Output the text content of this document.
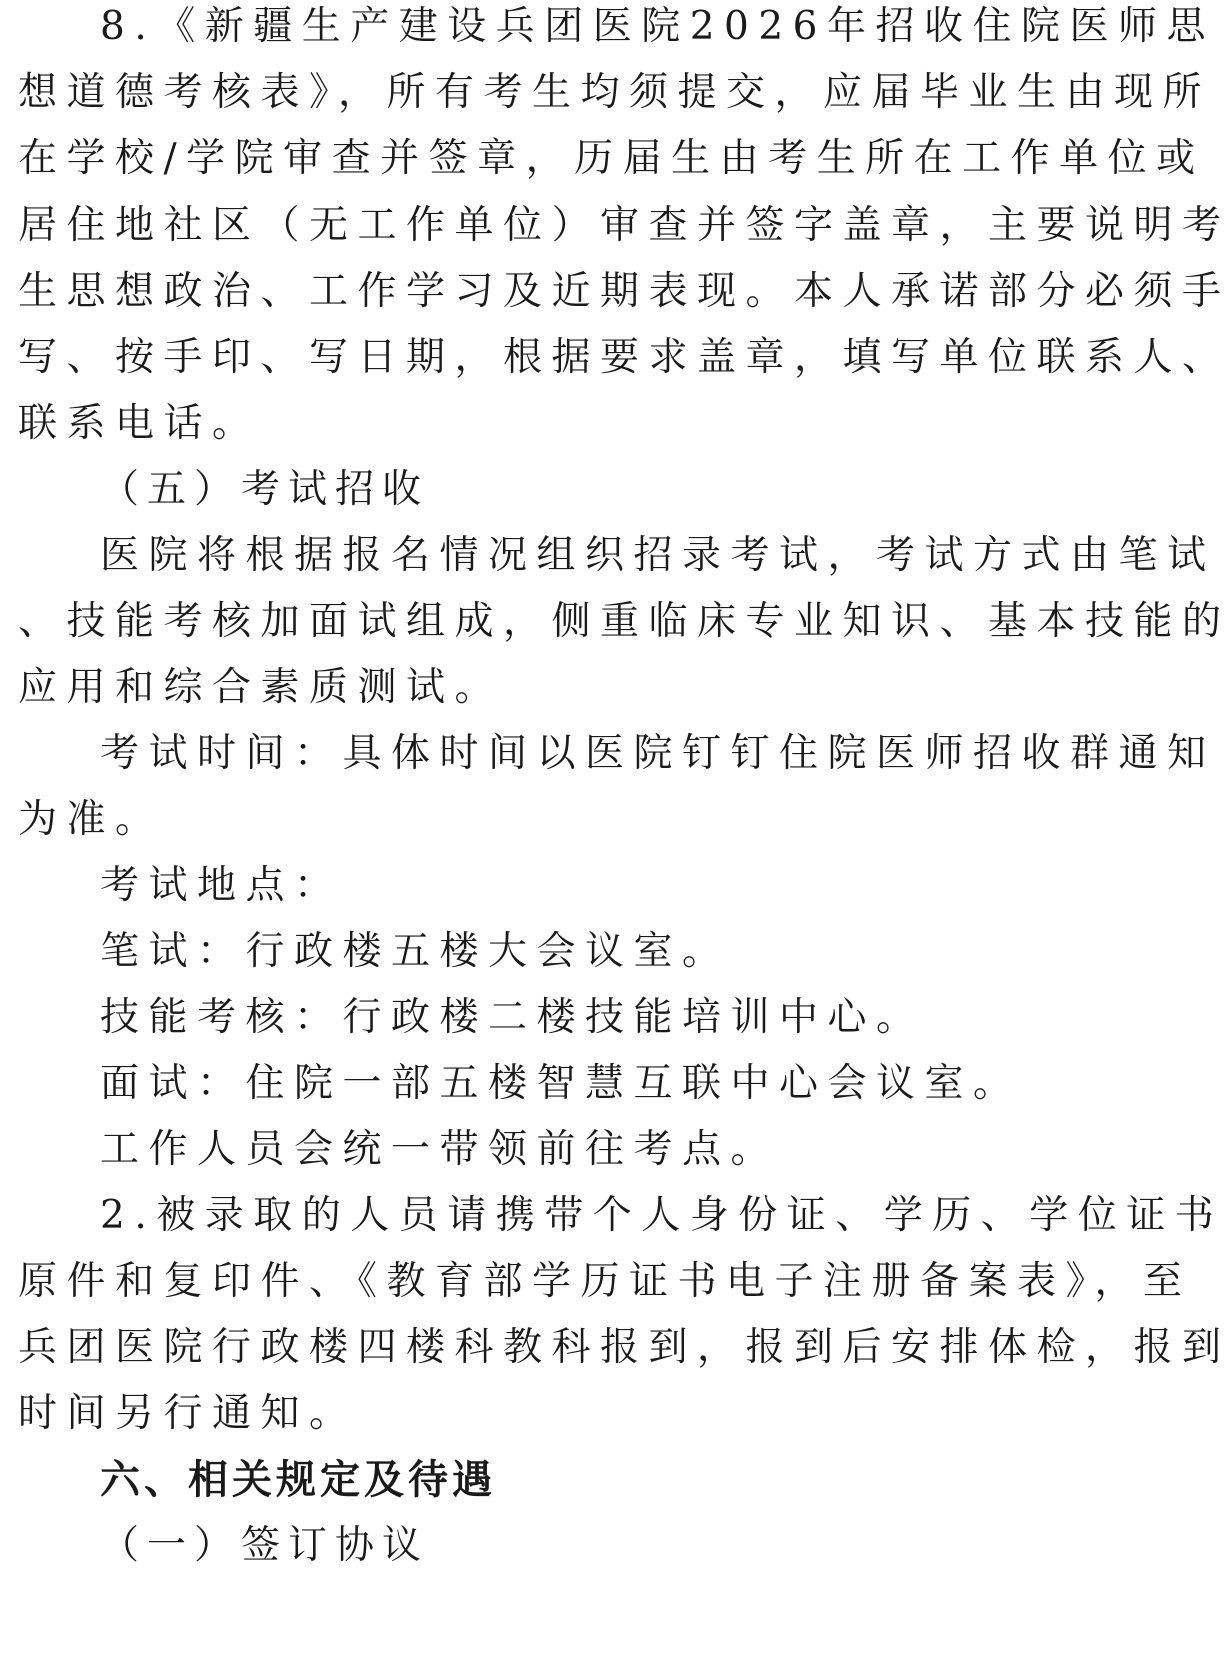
8.《新疆生产建设兵团医院2026年招收住院医师思
想道德考核表》，所有考生均须提交，应届毕业生由现所
在学校/学院审查并签章，历届生由考生所在工作单位或
居住地社区（无工作单位）审查并签字盖章，主要说明考
生思想政治、工作学习及近期表现。本人承诺部分必须手
写、按手印、写日期，根据要求盖章，填写单位联系人、
联系电话。
（五）考试招收
医院将根据报名情况组织招录考试，考试方式由笔试
、技能考核加面试组成，侧重临床专业知识、基本技能的
应用和综合素质测试。
考试时间：具体时间以医院钉钉住院医师招收群通知
为准。
考试地点：
笔试：行政楼五楼大会议室。
技能考核：行政楼二楼技能培训中心。
面试：住院一部五楼智慧互联中心会议室。
工作人员会统一带领前往考点。
2.被录取的人员请携带个人身份证、学历、学位证书
原件和复印件、《教育部学历证书电子注册备案表》，至
兵团医院行政楼四楼科教科报到，报到后安排体检，报到
时间另行通知。
六、相关规定及待遇
（一）签订协议
